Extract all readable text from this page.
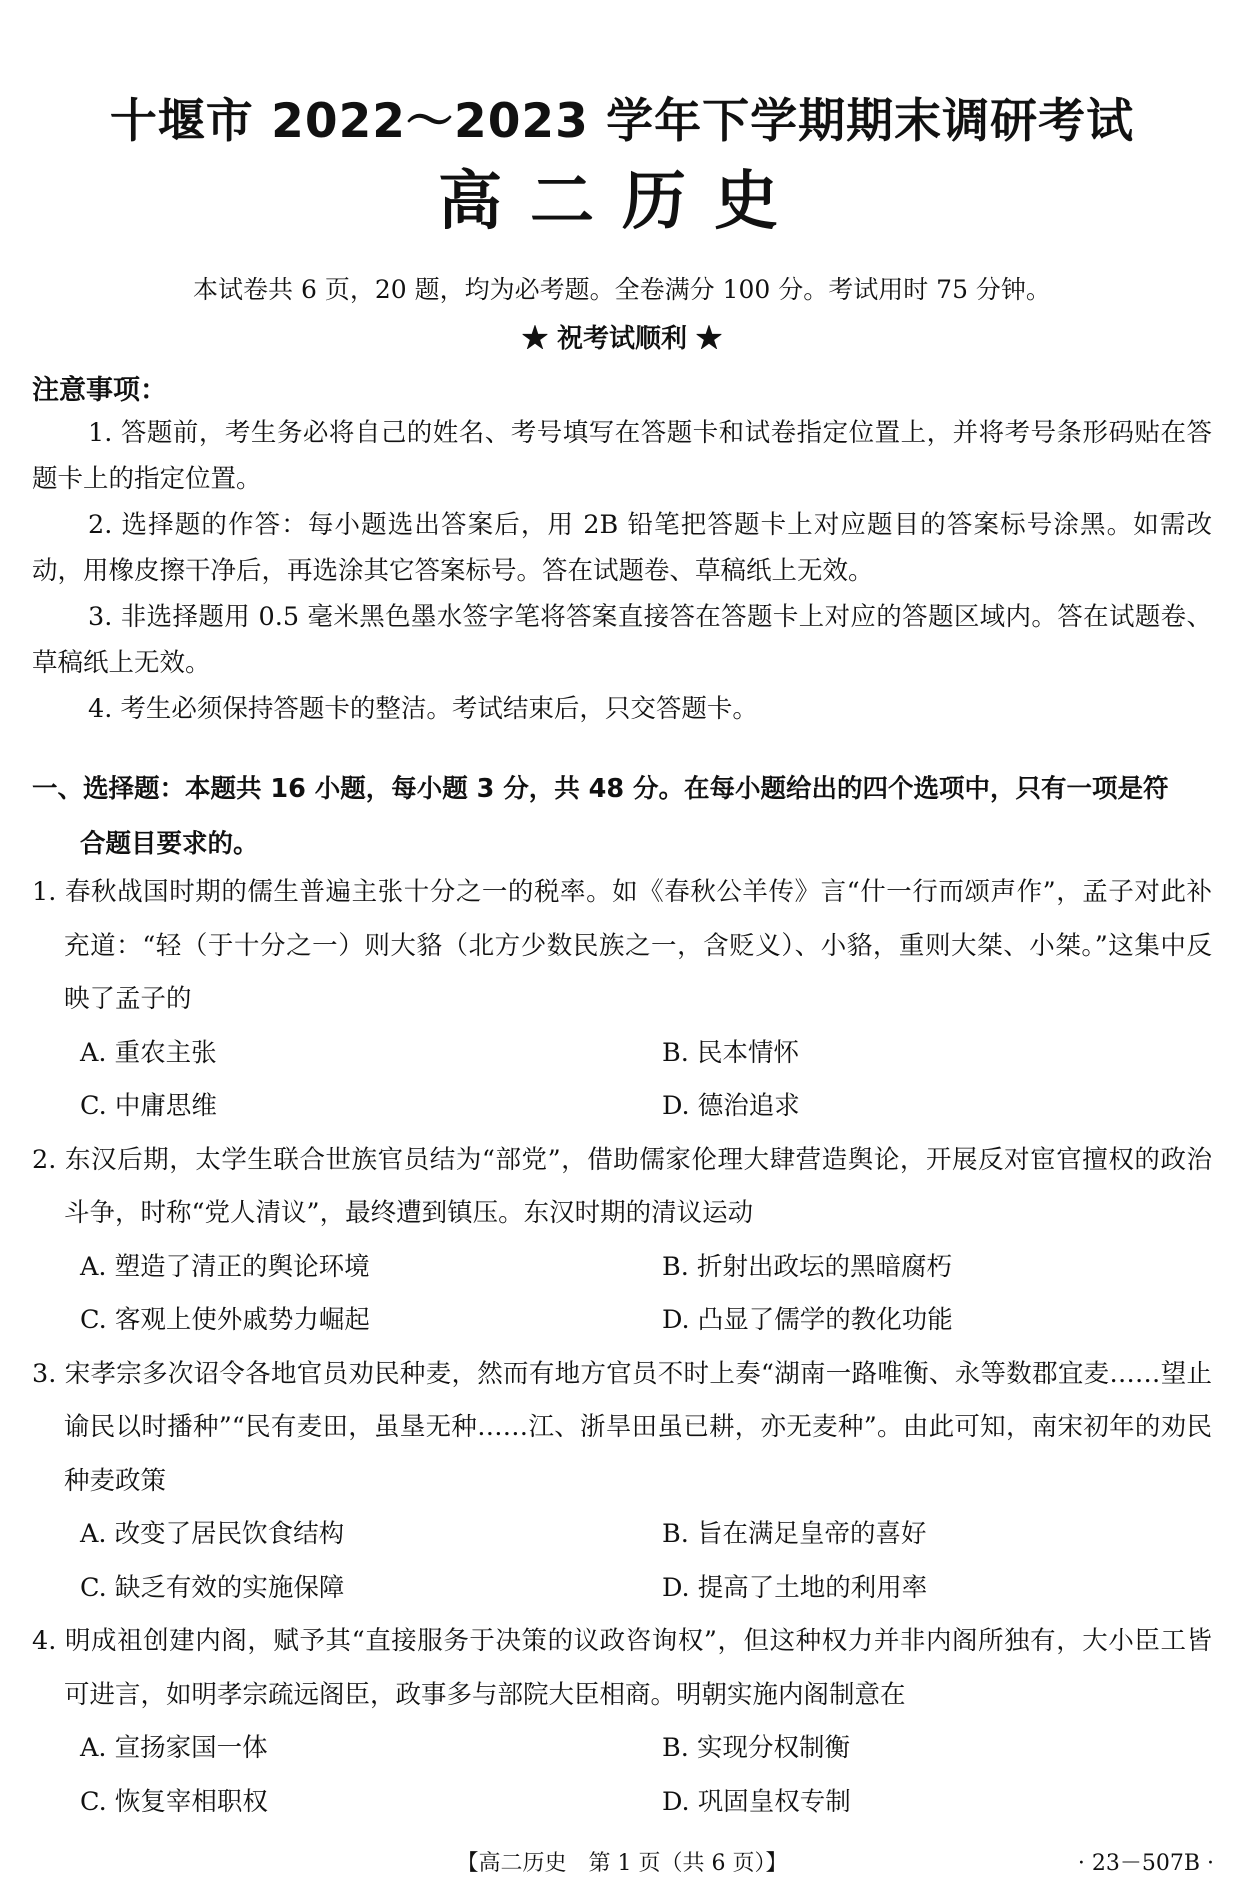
十堰市 2022～2023 学年下学期期末调研考试
高二历史
本试卷共 6 页，20 题，均为必考题。全卷满分 100 分。考试用时 75 分钟。
★ 祝考试顺利 ★
注意事项：

1. 答题前，考生务必将自己的姓名、考号填写在答题卡和试卷指定位置上，并将考号条形码贴在答题卡上的指定位置。

2. 选择题的作答：每小题选出答案后，用 2B 铅笔把答题卡上对应题目的答案标号涂黑。如需改动，用橡皮擦干净后，再选涂其它答案标号。答在试题卷、草稿纸上无效。

3. 非选择题用 0.5 毫米黑色墨水签字笔将答案直接答在答题卡上对应的答题区域内。答在试题卷、草稿纸上无效。

4. 考生必须保持答题卡的整洁。考试结束后，只交答题卡。

一、选择题：本题共 16 小题，每小题 3 分，共 48 分。在每小题给出的四个选项中，只有一项是符
合题目要求的。

1. 春秋战国时期的儒生普遍主张十分之一的税率。如《春秋公羊传》言“什一行而颂声作”，孟子对此补充道：“轻（于十分之一）则大貉（北方少数民族之一，含贬义）、小貉，重则大桀、小桀。”这集中反映了孟子的

A. 重农主张	B. 民本情怀
C. 中庸思维	D. 德治追求

2. 东汉后期，太学生联合世族官员结为“部党”，借助儒家伦理大肆营造舆论，开展反对宦官擅权的政治斗争，时称“党人清议”，最终遭到镇压。东汉时期的清议运动

A. 塑造了清正的舆论环境	B. 折射出政坛的黑暗腐朽
C. 客观上使外戚势力崛起	D. 凸显了儒学的教化功能

3. 宋孝宗多次诏令各地官员劝民种麦，然而有地方官员不时上奏“湖南一路唯衡、永等数郡宜麦……望止谕民以时播种”“民有麦田，虽垦无种……江、浙旱田虽已耕，亦无麦种”。由此可知，南宋初年的劝民种麦政策

A. 改变了居民饮食结构	B. 旨在满足皇帝的喜好
C. 缺乏有效的实施保障	D. 提高了土地的利用率

4. 明成祖创建内阁，赋予其“直接服务于决策的议政咨询权”，但这种权力并非内阁所独有，大小臣工皆可进言，如明孝宗疏远阁臣，政事多与部院大臣相商。明朝实施内阁制意在

A. 宣扬家国一体	B. 实现分权制衡
C. 恢复宰相职权	D. 巩固皇权专制
【高二历史　第 1 页（共 6 页）】	· 23－507B ·
